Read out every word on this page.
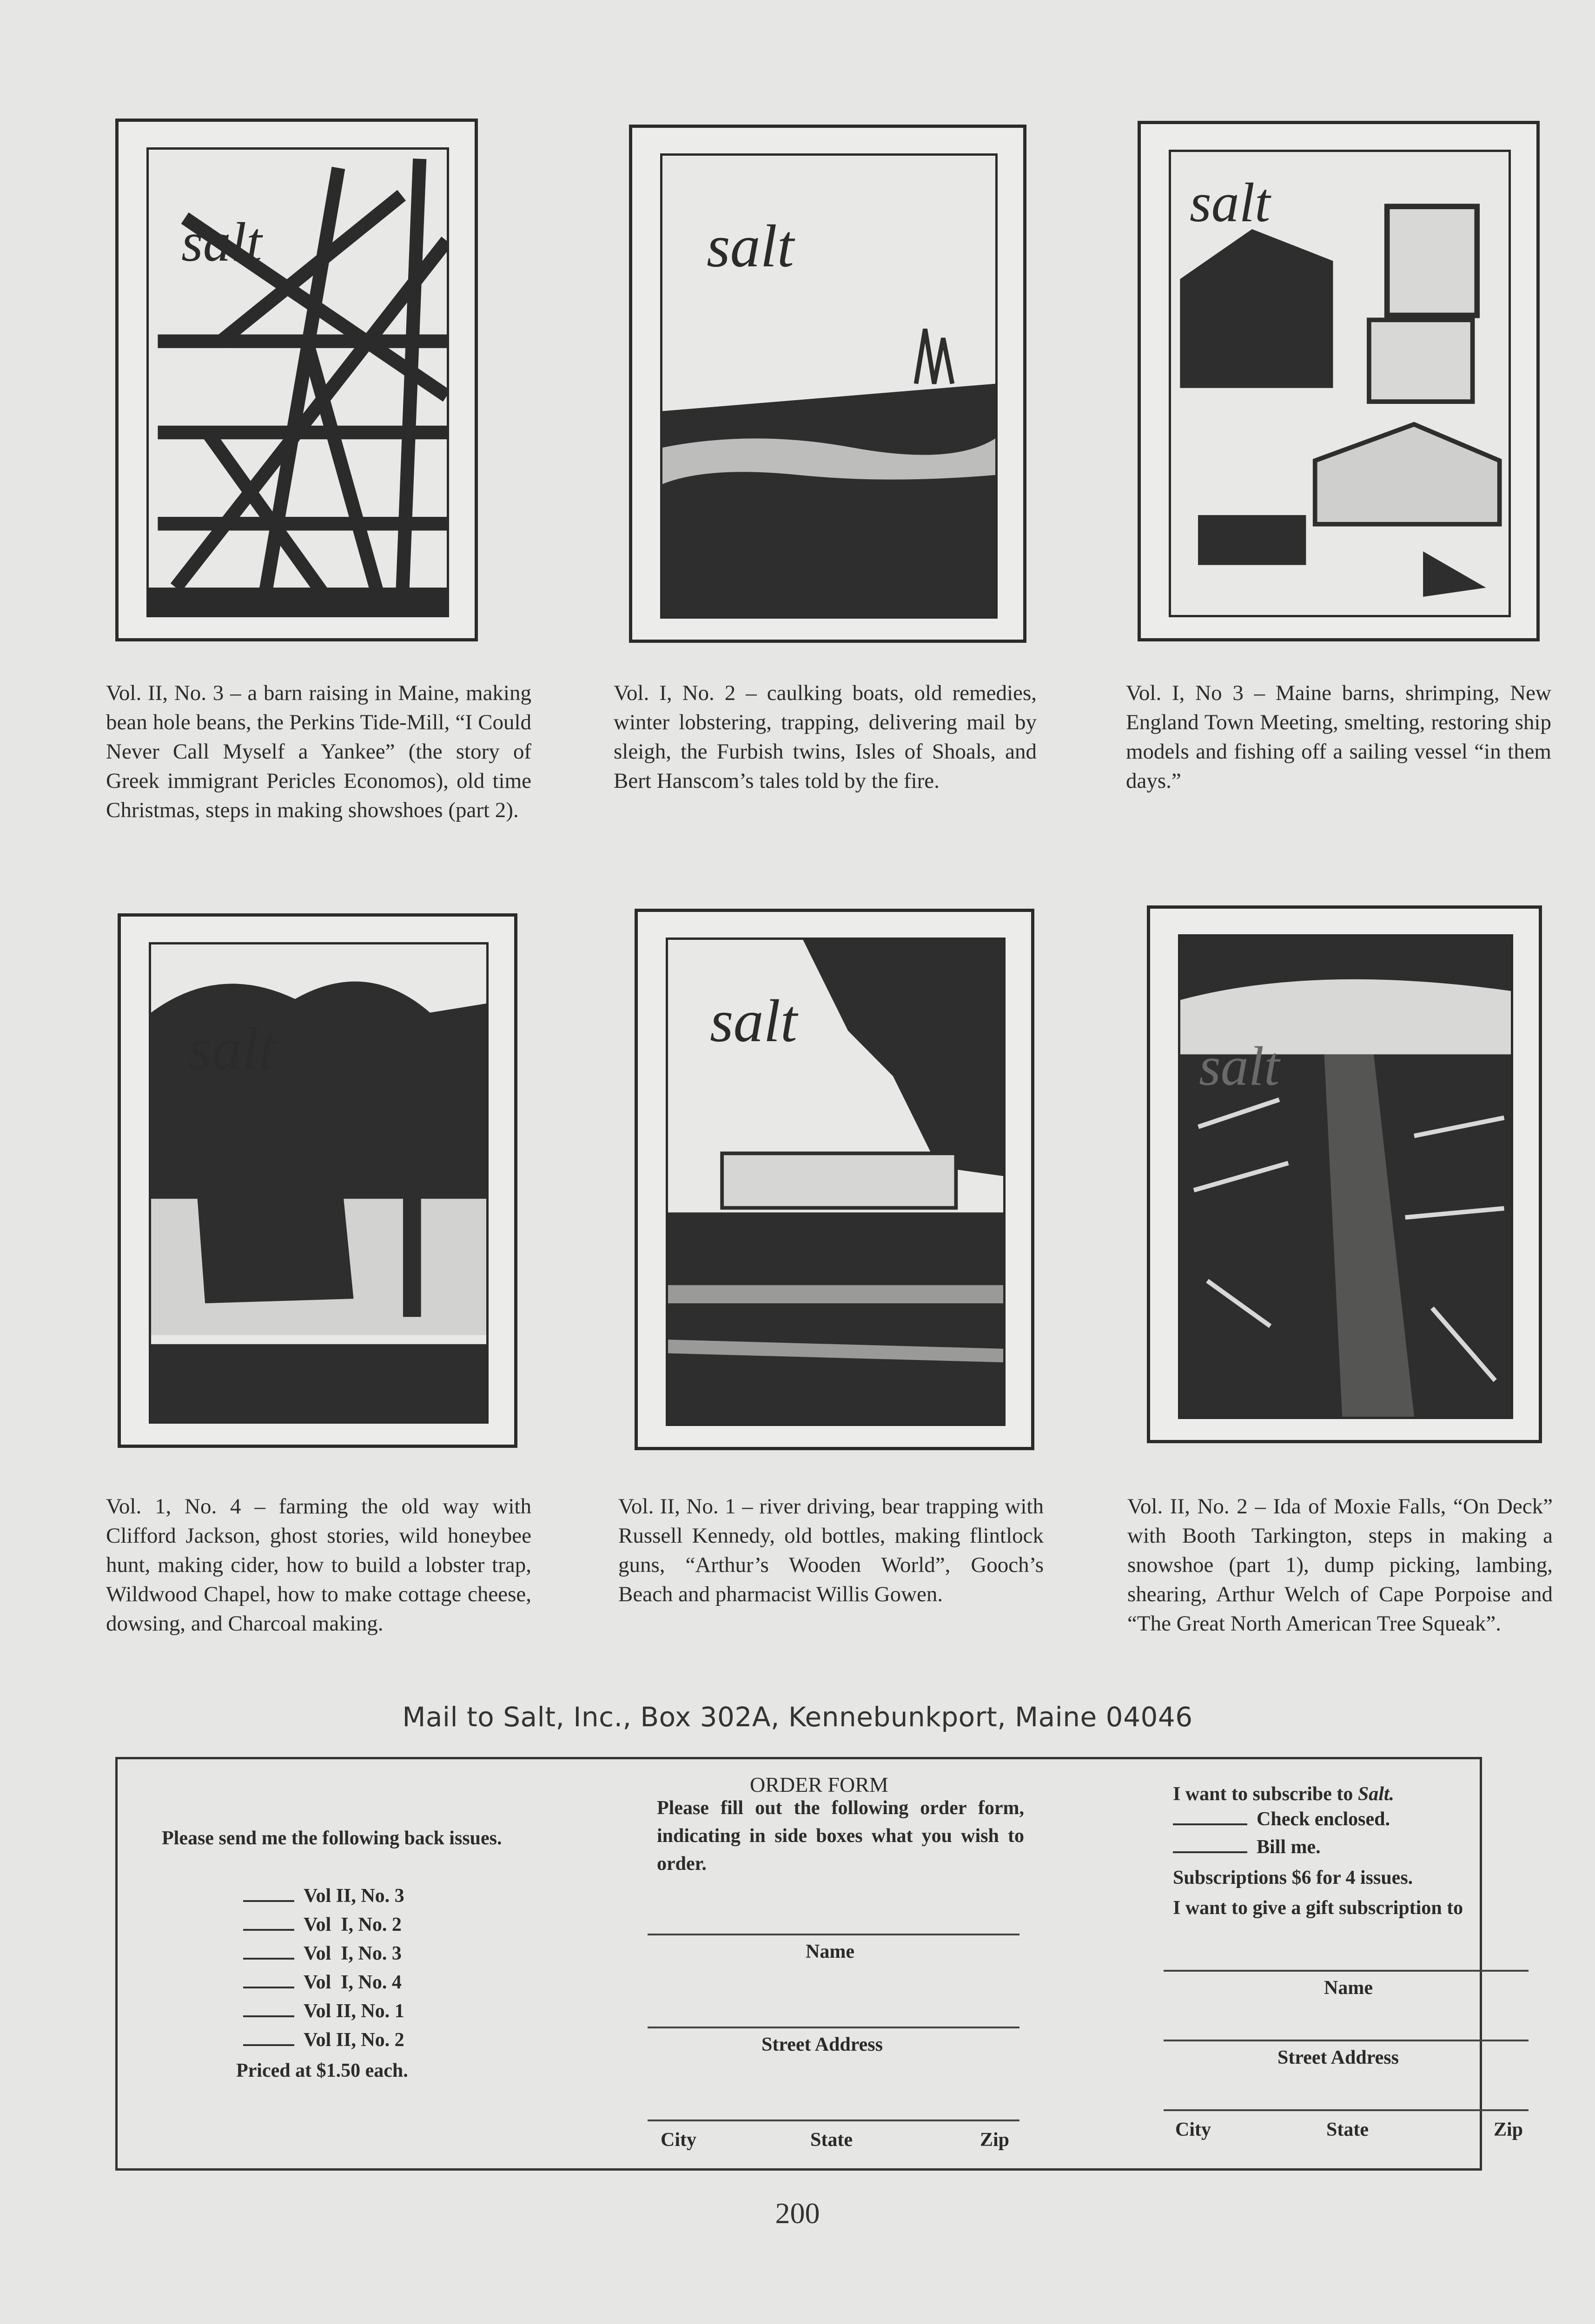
salt	salt
salt
Vol. II, No. 3 – a barn raising in Maine, making bean hole beans, the Perkins Tide-Mill, “I Could Never Call Myself a Yankee” (the story of Greek immigrant Pericles Economos), old time Christmas, steps in making showshoes (part 2).
Vol. I, No. 2 – caulking boats, old remedies, winter lobstering, trapping, delivering mail by sleigh, the Furbish twins, Isles of Shoals, and Bert Hanscom’s tales told by the fire.
Vol. I, No 3 – Maine barns, shrimping, New England Town Meeting, smelting, restoring ship models and fishing off a sailing vessel “in them days.”
salt	salt
salt
Vol. 1, No. 4 – farming the old way with Clifford Jackson, ghost stories, wild honeybee hunt, making cider, how to build a lobster trap, Wildwood Chapel, how to make cottage cheese, dowsing, and Charcoal making.
Vol. II, No. 1 – river driving, bear trapping with Russell Kennedy, old bottles, making flintlock guns, “Arthur’s Wooden World”, Gooch’s Beach and pharmacist Willis Gowen.
Vol. II, No. 2 – Ida of Moxie Falls, “On Deck” with Booth Tarkington, steps in making a snowshoe (part 1), dump picking, lambing, shearing, Arthur Welch of Cape Porpoise and “The Great North American Tree Squeak”.
Mail to Salt, Inc., Box 302A, Kennebunkport, Maine 04046
Please send me the following back issues.
Vol II, No. 3
Vol  I, No. 2
Vol  I, No. 3
Vol  I, No. 4
Vol II, No. 1
Vol II, No. 2
Priced at $1.50 each.
ORDER FORM
Please fill out the following order form, indicating in side boxes what you wish to order.
Name
Street Address
City	State	Zip
I want to subscribe to Salt.
Check enclosed.
Bill me.
Subscriptions $6 for 4 issues.
I want to give a gift subscription to
Name
Street Address
City	State	Zip
200
